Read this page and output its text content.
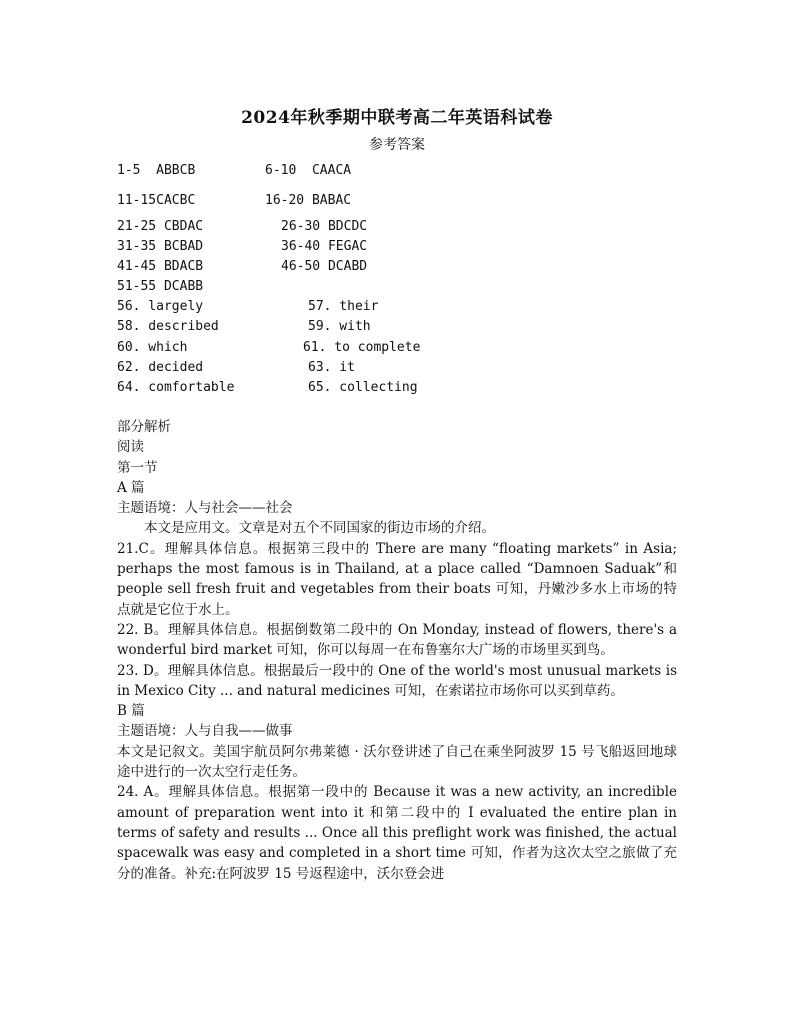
2024年秋季期中联考高二年英语科试卷
参考答案
1-5  ABBCB	6-10  CAACA
11-15CACBC	16-20 BABAC
21-25 CBDAC	26-30 BDCDC
31-35 BCBAD	36-40 FEGAC
41-45 BDACB	46-50 DCABD
51-55 DCABB
56. largely	57. their
58. described	59. with
60. which	61. to complete
62. decided	63. it
64. comfortable	65. collecting

部分解析

阅读

第一节

A 篇

主题语境：人与社会——社会

本文是应用文。文章是对五个不同国家的街边市场的介绍。

21.C。理解具体信息。根据第三段中的 There are many “floating markets” in Asia; perhaps the most famous is in Thailand, at a place called “Damnoen Saduak”和 people sell fresh fruit and vegetables from their boats 可知，丹嫩沙多水上市场的特点就是它位于水上。

22. B。理解具体信息。根据倒数第二段中的 On Monday, instead of flowers, there's a wonderful bird market 可知，你可以每周一在布鲁塞尔大广场的市场里买到鸟。

23. D。理解具体信息。根据最后一段中的 One of the world's most unusual markets is in Mexico City ... and natural medicines 可知，在索诺拉市场你可以买到草药。

B 篇

主题语境：人与自我——做事

本文是记叙文。美国宇航员阿尔弗莱德 · 沃尔登讲述了自己在乘坐阿波罗 15 号飞船返回地球途中进行的一次太空行走任务。

24. A。理解具体信息。根据第一段中的 Because it was a new activity, an incredible amount of preparation went into it 和第二段中的 I evaluated the entire plan in terms of safety and results ... Once all this preflight work was finished, the actual spacewalk was easy and completed in a short time 可知，作者为这次太空之旅做了充分的准备。补充:在阿波罗 15 号返程途中，沃尔登会进
